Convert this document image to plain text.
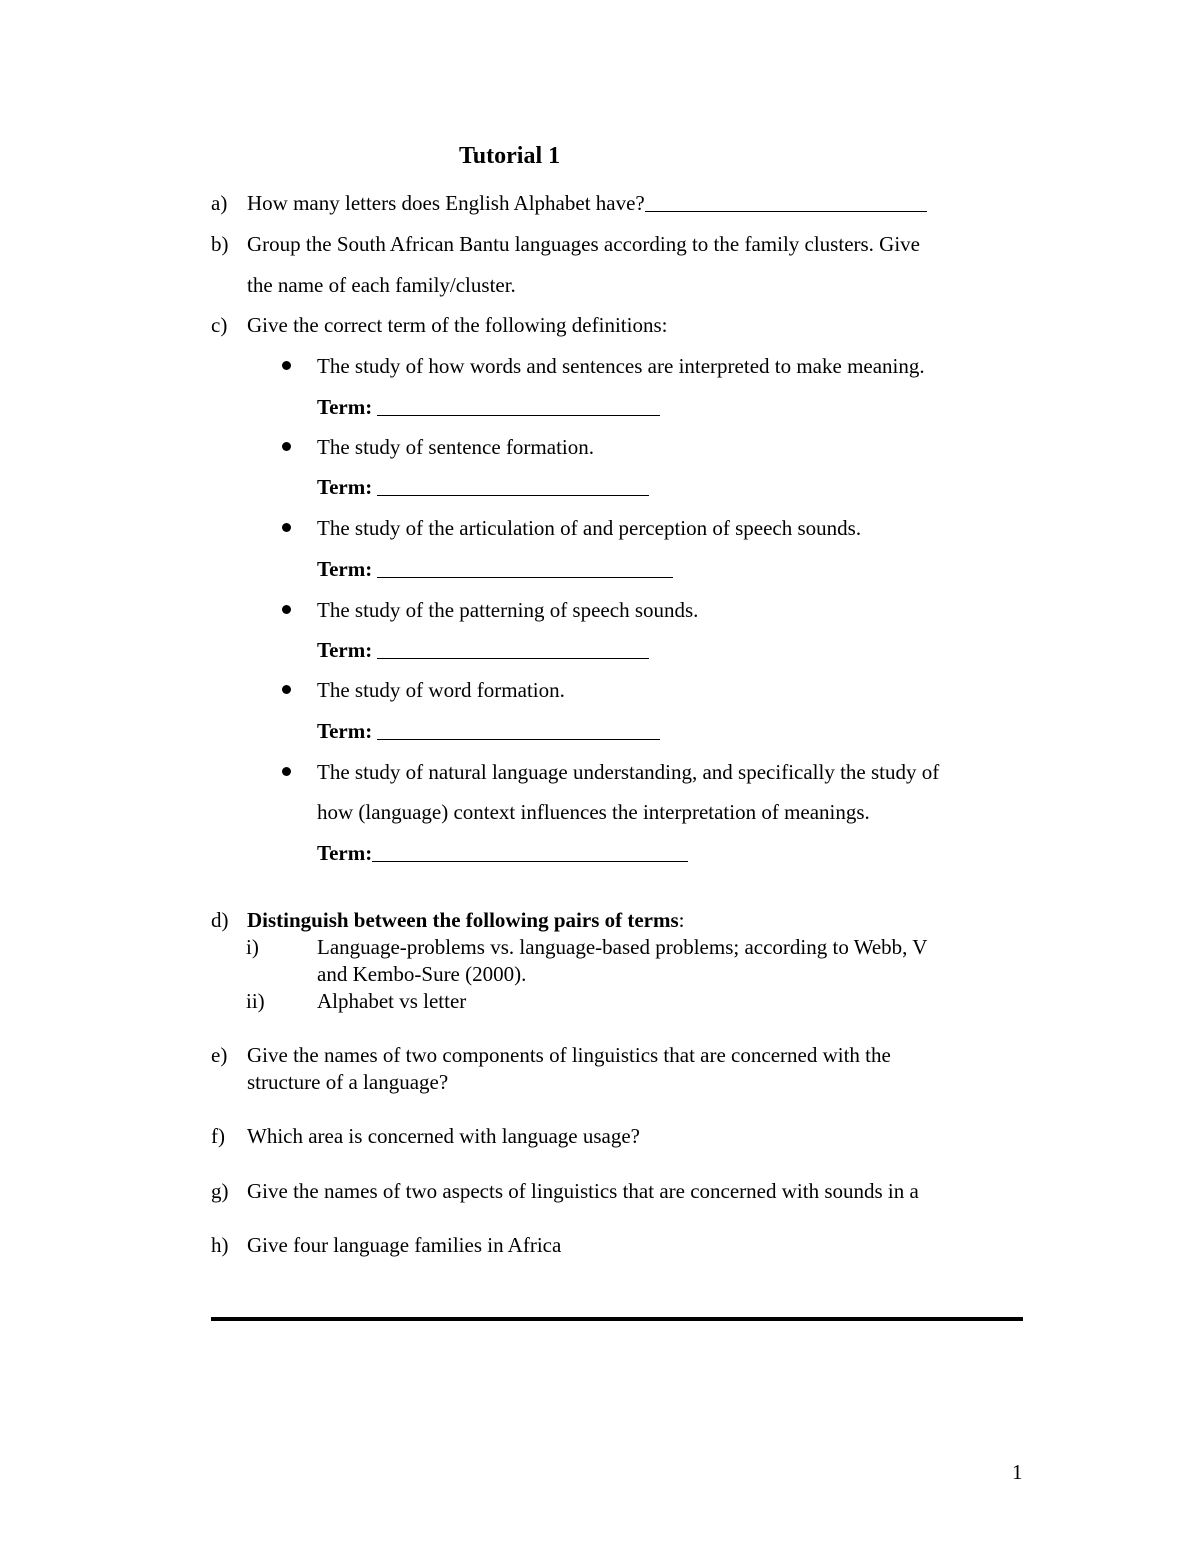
Tutorial 1
a) How many letters does English Alphabet have?
b) Group the South African Bantu languages according to the family clusters. Give
the name of each family/cluster.
c) Give the correct term of the following definitions:
The study of how words and sentences are interpreted to make meaning.
Term:
The study of sentence formation.
Term:
The study of the articulation of and perception of speech sounds.
Term:
The study of the patterning of speech sounds.
Term:
The study of word formation.
Term:
The study of natural language understanding, and specifically the study of
how (language) context influences the interpretation of meanings.
Term:
d) Distinguish between the following pairs of terms:
i)	Language-problems vs. language-based problems; according to Webb, V
and Kembo-Sure (2000).
ii) Alphabet vs letter
e) Give the names of two components of linguistics that are concerned with the
structure of a language?
f) Which area is concerned with language usage?
g) Give the names of two aspects of linguistics that are concerned with sounds in a
h) Give four language families in Africa
1
